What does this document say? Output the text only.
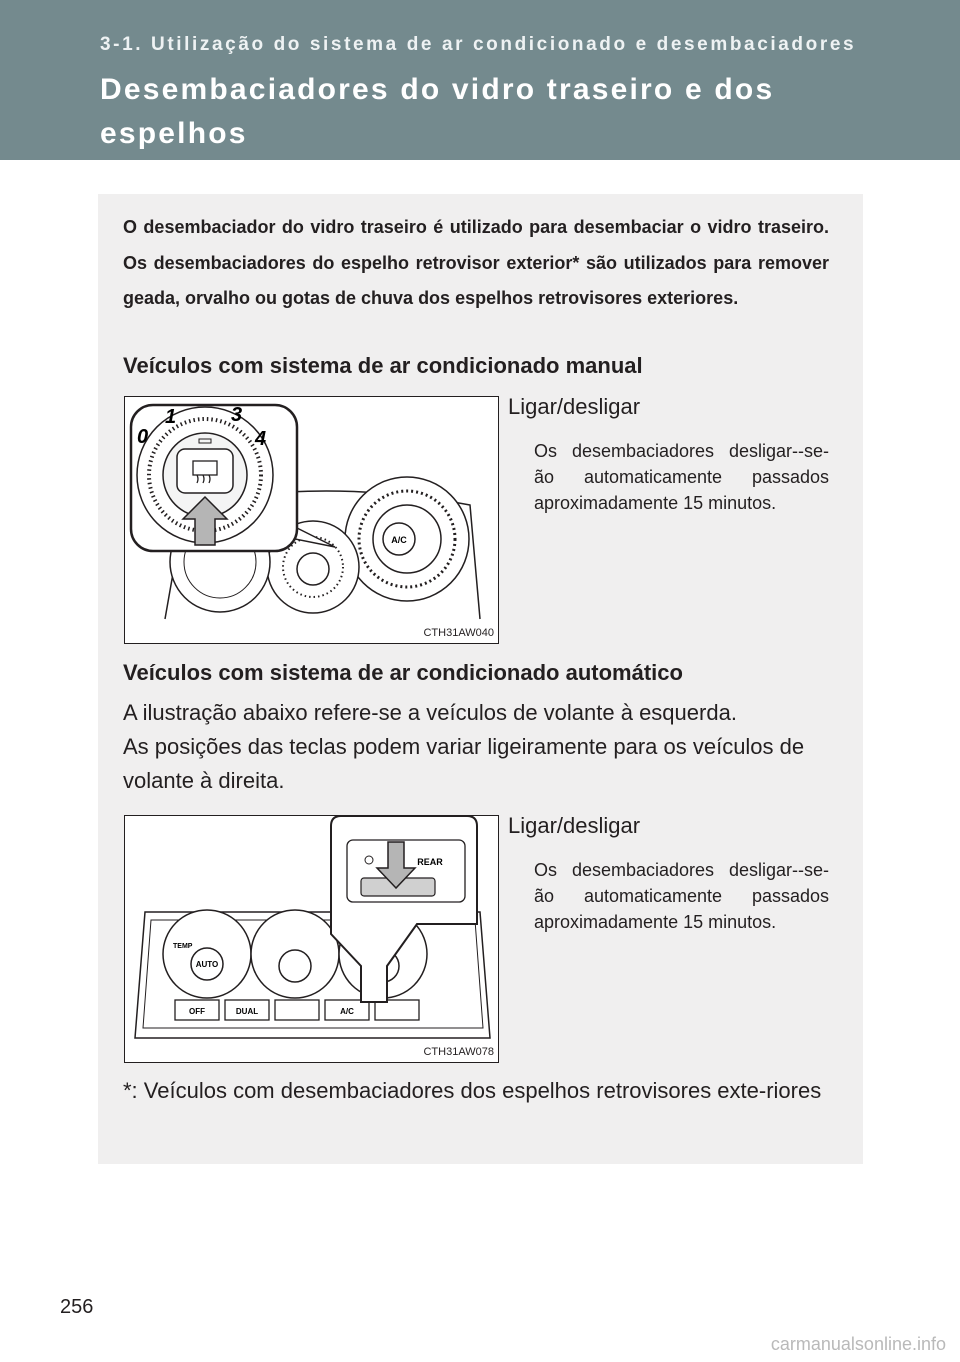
3-1. Utilização do sistema de ar condicionado e desembaciadores
Desembaciadores do vidro traseiro e dos espelhos
retrovisores exteriores
O desembaciador do vidro traseiro é utilizado para desembaciar o vidro traseiro. Os desembaciadores do espelho retrovisor exterior* são utilizados para remover geada, orvalho ou gotas de chuva dos espelhos retrovisores exteriores.
Veículos com sistema de ar condicionado manual
A/C
0
1	3
4
CTH31AW040
Ligar/desligar
Os desembaciadores desligar--se-ão automaticamente passados aproximadamente 15 minutos.
Veículos com sistema de ar condicionado automático
A ilustração abaixo refere-se a veículos de volante à esquerda.
As posições das teclas podem variar ligeiramente para os veículos de volante à direita.
TEMP
AUTO
OFF	DUAL	A/C
REAR
CTH31AW078
Ligar/desligar
Os desembaciadores desligar--se-ão automaticamente passados aproximadamente 15 minutos.
*: Veículos com desembaciadores dos espelhos retrovisores exte-riores
256
carmanualsonline.info
